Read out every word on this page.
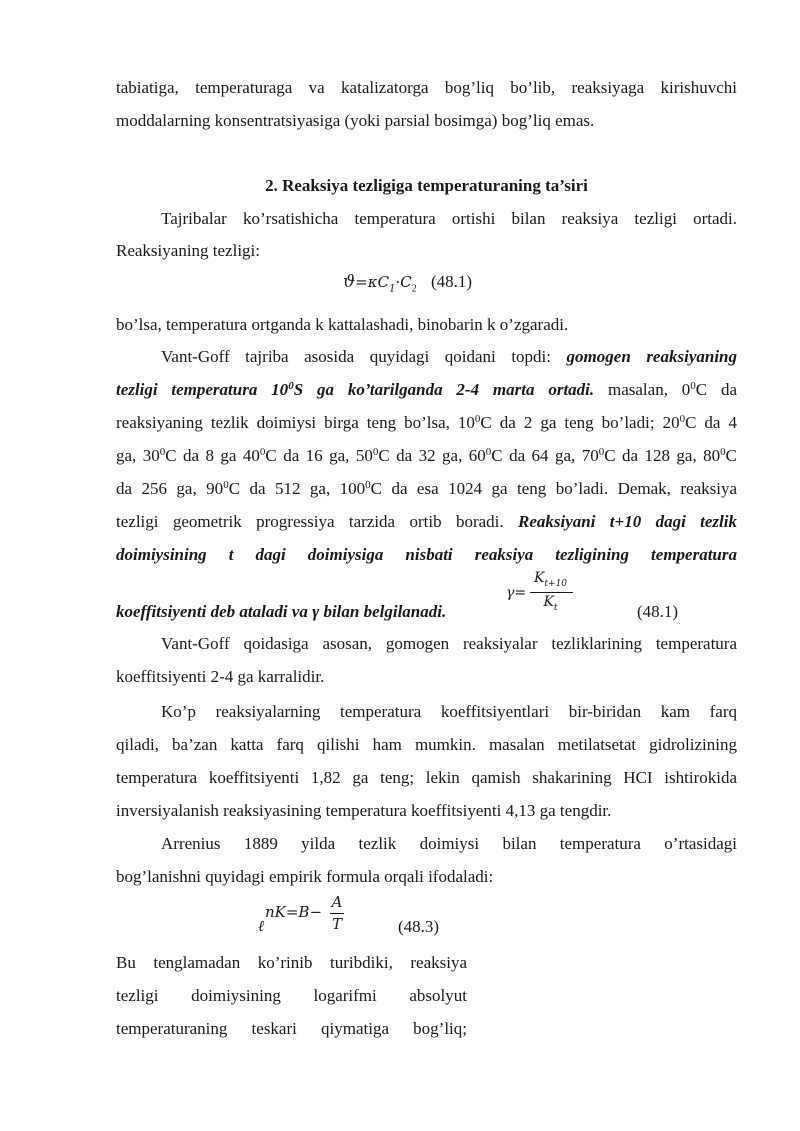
tabiatiga, temperaturaga va katalizatorga bog’liq bo’lib, reaksiyaga kirishuvchi
moddalarning konsentratsiyasiga (yoki parsial bosimga) bog’liq emas.
2. Reaksiya tezligiga temperaturaning ta’siri
Tajribalar ko’rsatishicha temperatura ortishi bilan reaksiya tezligi ortadi.
Reaksiyaning tezligi:
$ϑ=\kappa C_1\cdot C_2$ (48.1)
bo’lsa, temperatura ortganda k kattalashadi, binobarin k o’zgaradi.
Vant-Goff tajriba asosida quyidagi qoidani topdi: gomogen reaksiyaning
tezligi temperatura $10^0S$ ga ko’tarilganda 2-4 marta ortadi. masalan, $0^0C$ da
reaksiyaning tezlik doimiysi birga teng bo’lsa, $10^0C$ da 2 ga teng bo’ladi; $20^0C$ da 4
ga, $30^0C$ da 8 ga $40^0C$ da 16 ga, $50^0C$ da 32 ga, $60^0C$ da 64 ga, $70^0C$ da 128 ga, $80^0C$
da 256 ga, $90^0C$ da 512 ga, $100^0C$ da esa 1024 ga teng bo’ladi. Demak, reaksiya
tezligi geometrik progressiya tarzida ortib boradi. Reaksiyani t+10 dagi tezlik
doimiysining t dagi doimiysiga nisbati reaksiya tezligining temperatura
koeffitsiyenti deb ataladi va γ bilan belgilanadi.
γ=
$K_{t+10}$
$K_t$	(48.1)
Vant-Goff qoidasiga asosan, gomogen reaksiyalar tezliklarining temperatura
koeffitsiyenti 2-4 ga karralidir.
Ko’p reaksiyalarning temperatura koeffitsiyentlari bir-biridan kam farq
qiladi, ba’zan katta farq qilishi ham mumkin. masalan metilatsetat gidrolizining
temperatura koeffitsiyenti 1,82 ga teng; lekin qamish shakarining HCI ishtirokida
inversiyalanish reaksiyasining temperatura koeffitsiyenti 4,13 ga tengdir.
Arrenius 1889 yilda tezlik doimiysi bilan temperatura o’rtasidagi
bog’lanishni quyidagi empirik formula orqali ifodaladi:
ℓ
nK=B−
A
T	(48.3)
Bu tenglamadan ko’rinib turibdiki, reaksiya
tezligi doimiysining logarifmi absolyut
temperaturaning teskari qiymatiga bog’liq;
